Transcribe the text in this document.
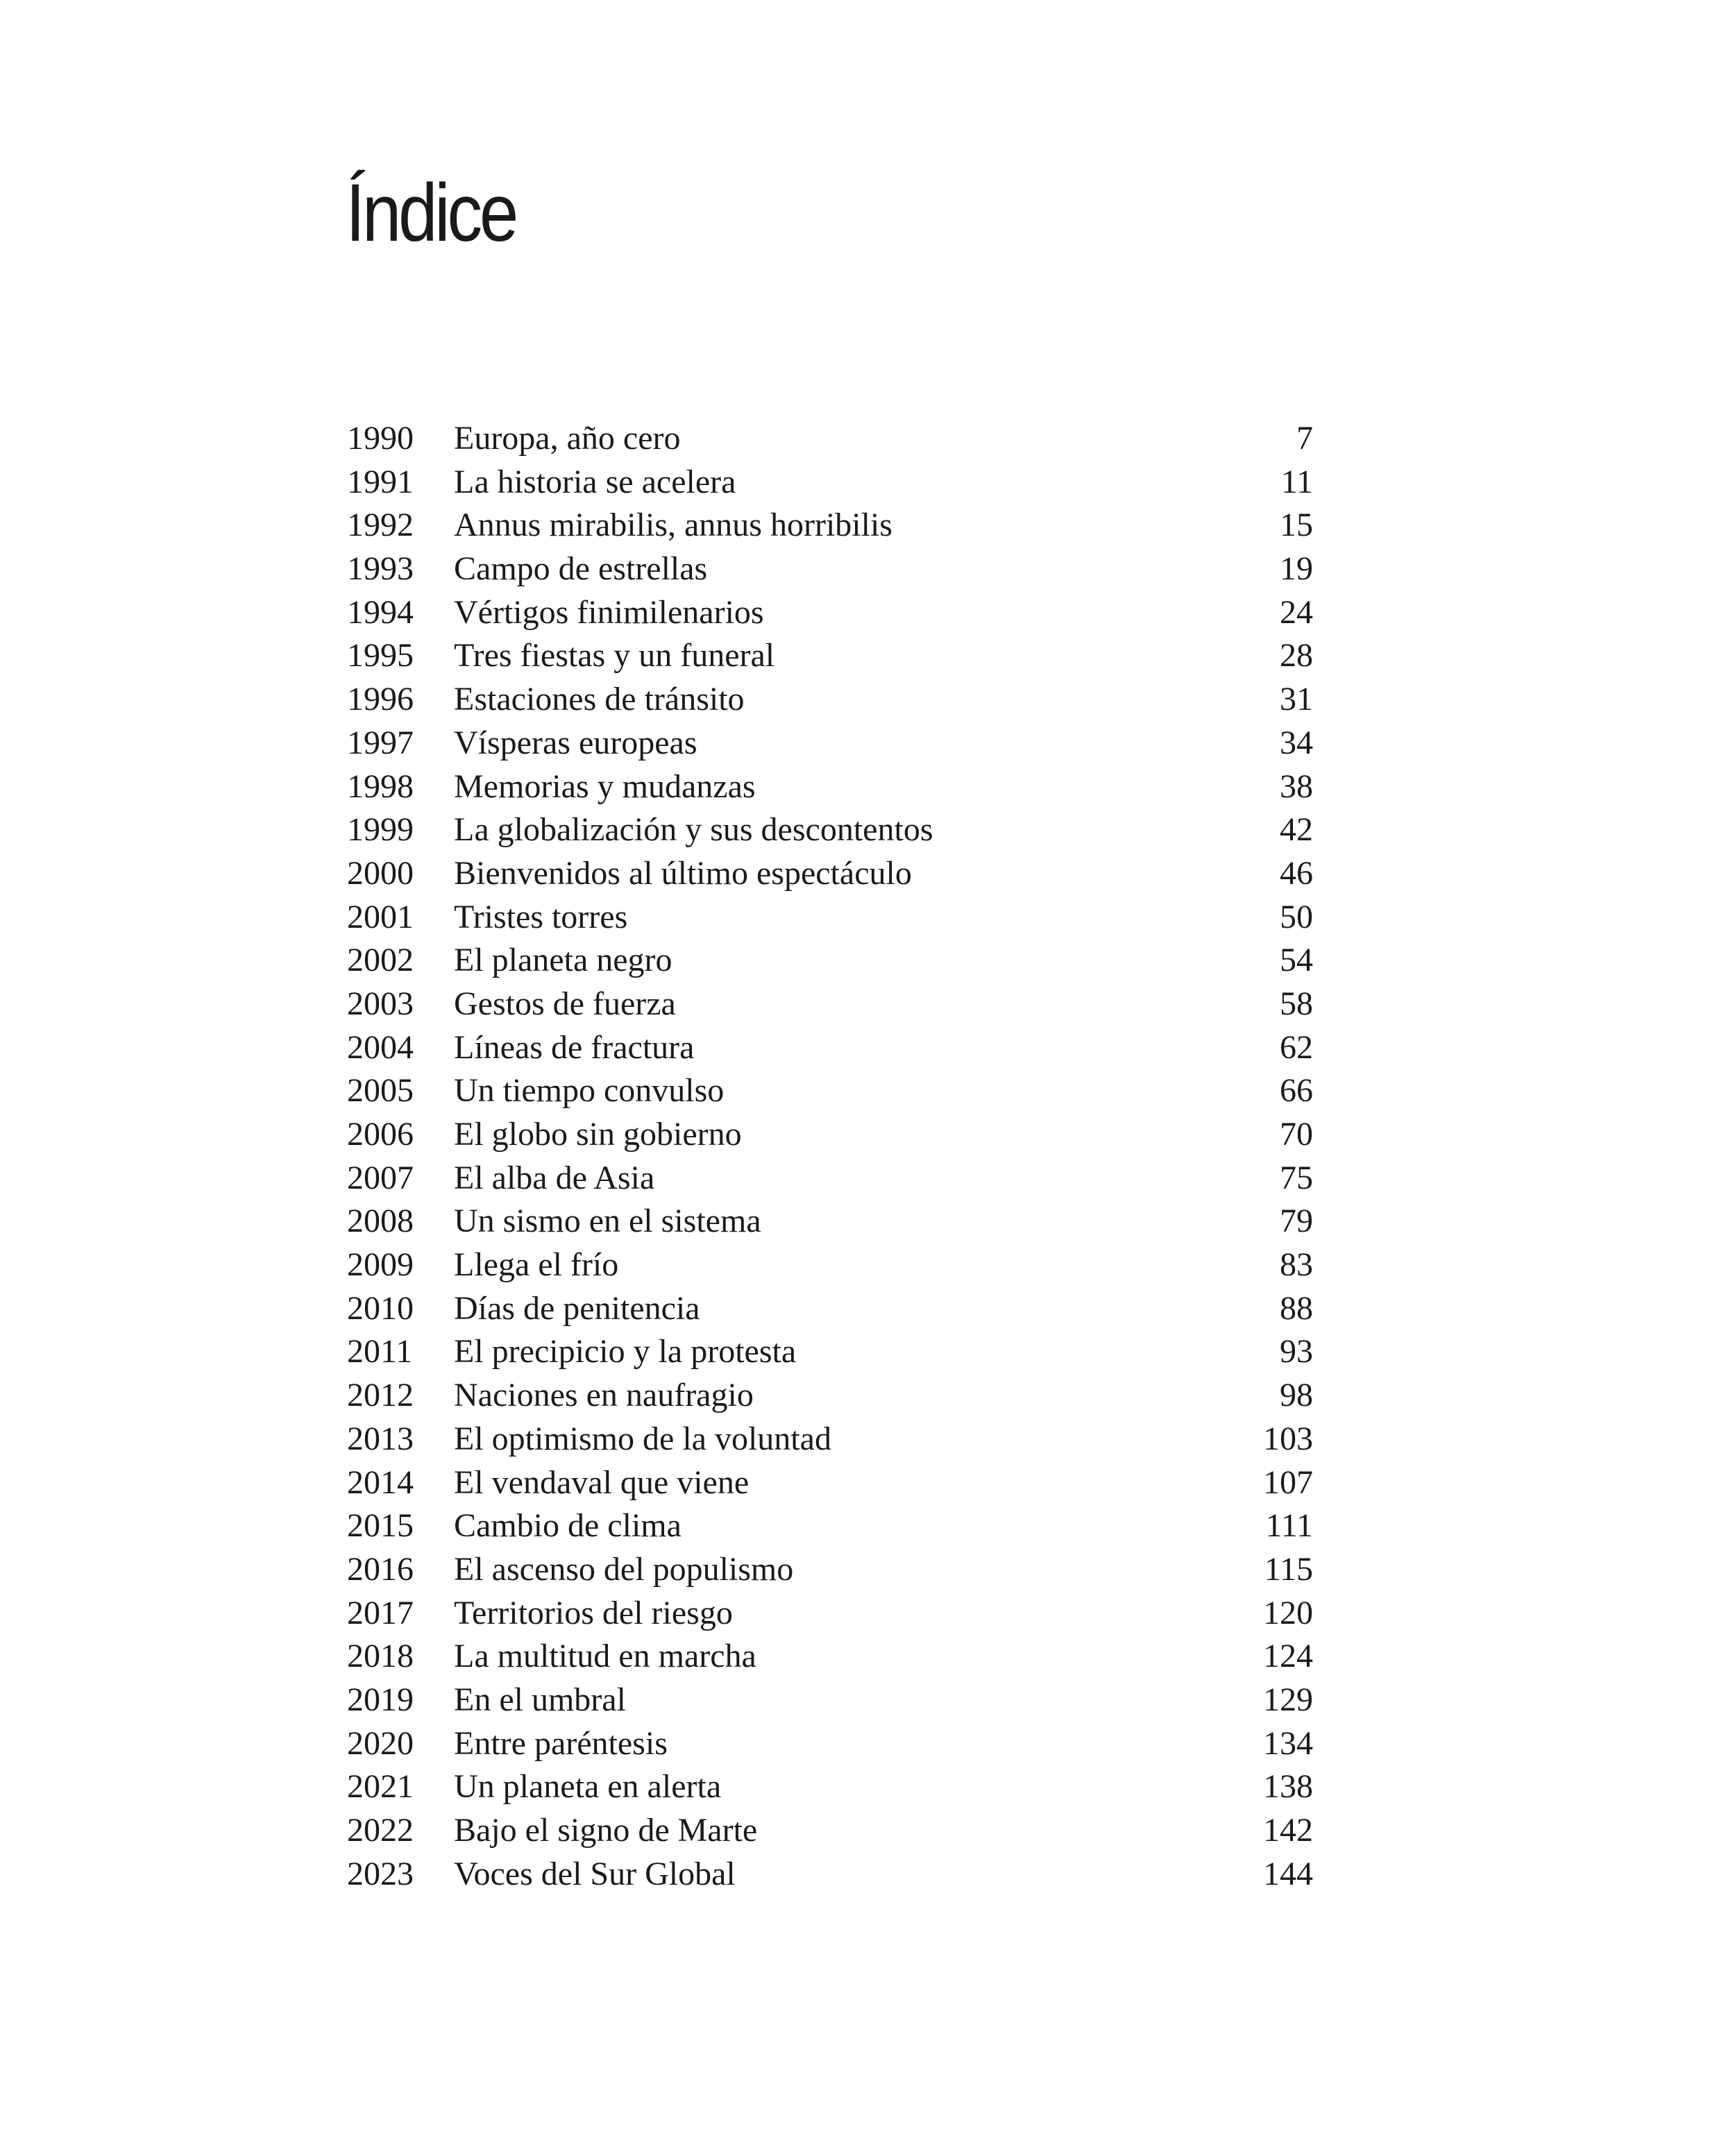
Índice
1990 Europa, año cero	7
1991 La historia se acelera	11
1992 Annus mirabilis, annus horribilis	15
1993 Campo de estrellas	19
1994 Vértigos finimilenarios	24
1995 Tres fiestas y un funeral	28
1996 Estaciones de tránsito	31
1997 Vísperas europeas	34
1998 Memorias y mudanzas	38
1999 La globalización y sus descontentos	42
2000 Bienvenidos al último espectáculo	46
2001 Tristes torres	50
2002 El planeta negro	54
2003 Gestos de fuerza	58
2004 Líneas de fractura	62
2005 Un tiempo convulso	66
2006 El globo sin gobierno	70
2007 El alba de Asia	75
2008 Un sismo en el sistema	79
2009 Llega el frío	83
2010 Días de penitencia	88
2011 El precipicio y la protesta	93
2012 Naciones en naufragio	98
2013 El optimismo de la voluntad	103
2014 El vendaval que viene	107
2015 Cambio de clima	111
2016 El ascenso del populismo	115
2017 Territorios del riesgo	120
2018 La multitud en marcha	124
2019 En el umbral	129
2020 Entre paréntesis	134
2021 Un planeta en alerta	138
2022 Bajo el signo de Marte	142
2023 Voces del Sur Global	144
